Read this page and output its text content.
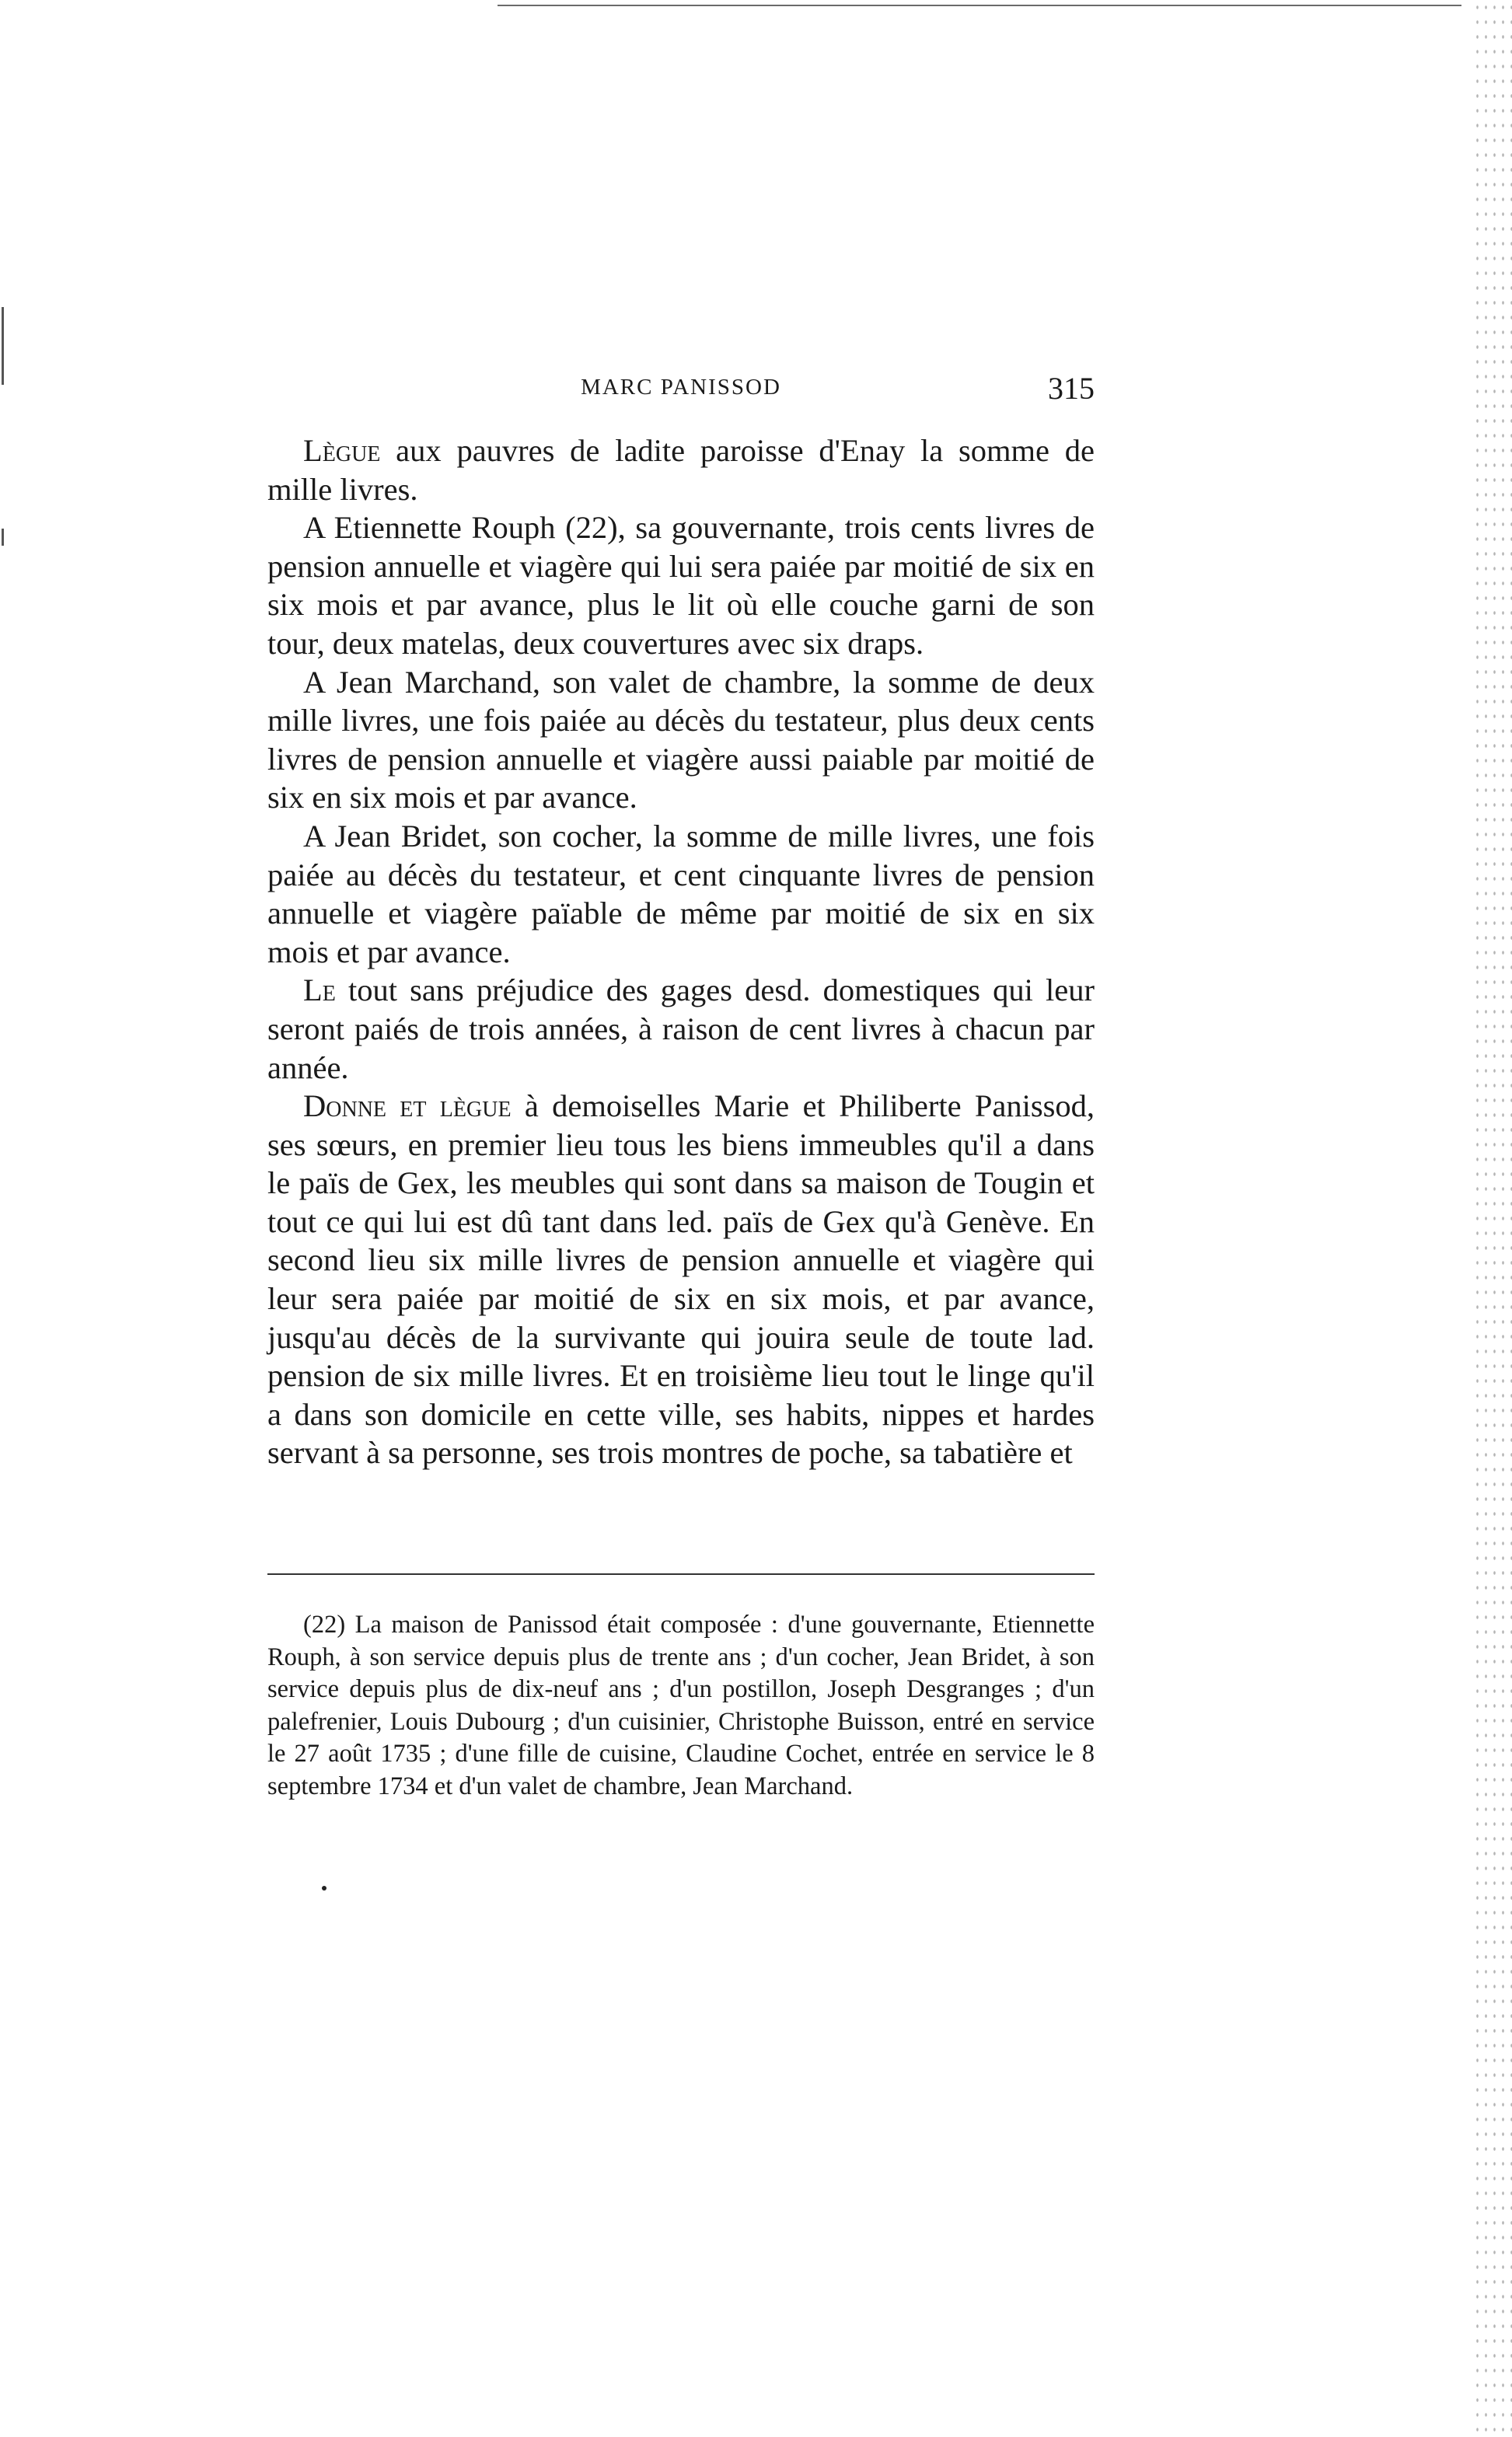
MARC PANISSOD	315

Lègue aux pauvres de ladite paroisse d'Enay la somme de mille livres.

A Etiennette Rouph (22), sa gouvernante, trois cents livres de pension annuelle et viagère qui lui sera paiée par moitié de six en six mois et par avance, plus le lit où elle couche garni de son tour, deux matelas, deux couvertures avec six draps.

A Jean Marchand, son valet de chambre, la somme de deux mille livres, une fois paiée au décès du testateur, plus deux cents livres de pension annuelle et viagère aussi paiable par moitié de six en six mois et par avance.

A Jean Bridet, son cocher, la somme de mille livres, une fois paiée au décès du testateur, et cent cinquante livres de pension annuelle et viagère païable de même par moitié de six en six mois et par avance.

Le tout sans préjudice des gages desd. domestiques qui leur seront paiés de trois années, à raison de cent livres à chacun par année.

Donne et lègue à demoiselles Marie et Philiberte Panissod, ses sœurs, en premier lieu tous les biens immeubles qu'il a dans le païs de Gex, les meubles qui sont dans sa maison de Tougin et tout ce qui lui est dû tant dans led. païs de Gex qu'à Genève. En second lieu six mille livres de pension annuelle et viagère qui leur sera paiée par moitié de six en six mois, et par avance, jusqu'au décès de la survivante qui jouira seule de toute lad. pension de six mille livres. Et en troisième lieu tout le linge qu'il a dans son domicile en cette ville, ses habits, nippes et hardes servant à sa personne, ses trois montres de poche, sa tabatière et

(22) La maison de Panissod était composée : d'une gouvernante, Etiennette Rouph, à son service depuis plus de trente ans ; d'un cocher, Jean Bridet, à son service depuis plus de dix-neuf ans ; d'un postillon, Joseph Desgranges ; d'un palefrenier, Louis Dubourg ; d'un cuisinier, Christophe Buisson, entré en service le 27 août 1735 ; d'une fille de cuisine, Claudine Cochet, entrée en service le 8 septembre 1734 et d'un valet de chambre, Jean Marchand.
